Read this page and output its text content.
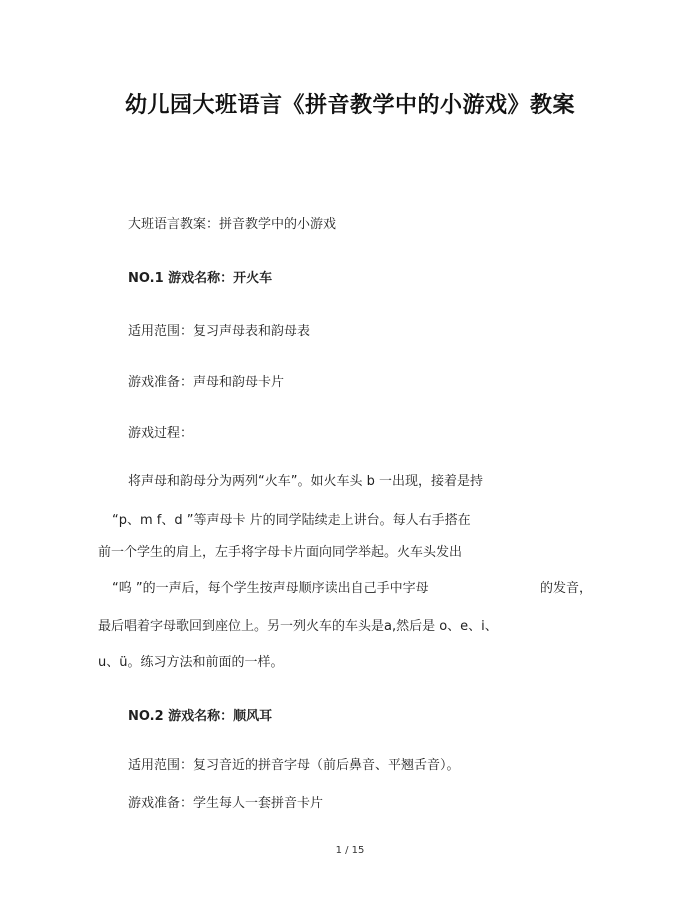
幼儿园大班语言《拼音教学中的小游戏》教案
大班语言教案：拼音教学中的小游戏
NO.1 游戏名称：开火车
适用范围：复习声母表和韵母表
游戏准备：声母和韵母卡片
游戏过程：
将声母和韵母分为两列“火车”。如火车头 b 一出现，接着是持
“p、m f、d ”等声母卡 片的同学陆续走上讲台。每人右手搭在
前一个学生的肩上，左手将字母卡片面向同学举起。火车头发出
“呜 ”的一声后，每个学生按声母顺序读出自己手中字母	的发音，
最后唱着字母歌回到座位上。另一列火车的车头是a,然后是 o、e、i、
u、ü。练习方法和前面的一样。
NO.2 游戏名称：顺风耳
适用范围：复习音近的拼音字母（前后鼻音、平翘舌音）。
游戏准备：学生每人一套拼音卡片
1 / 15
